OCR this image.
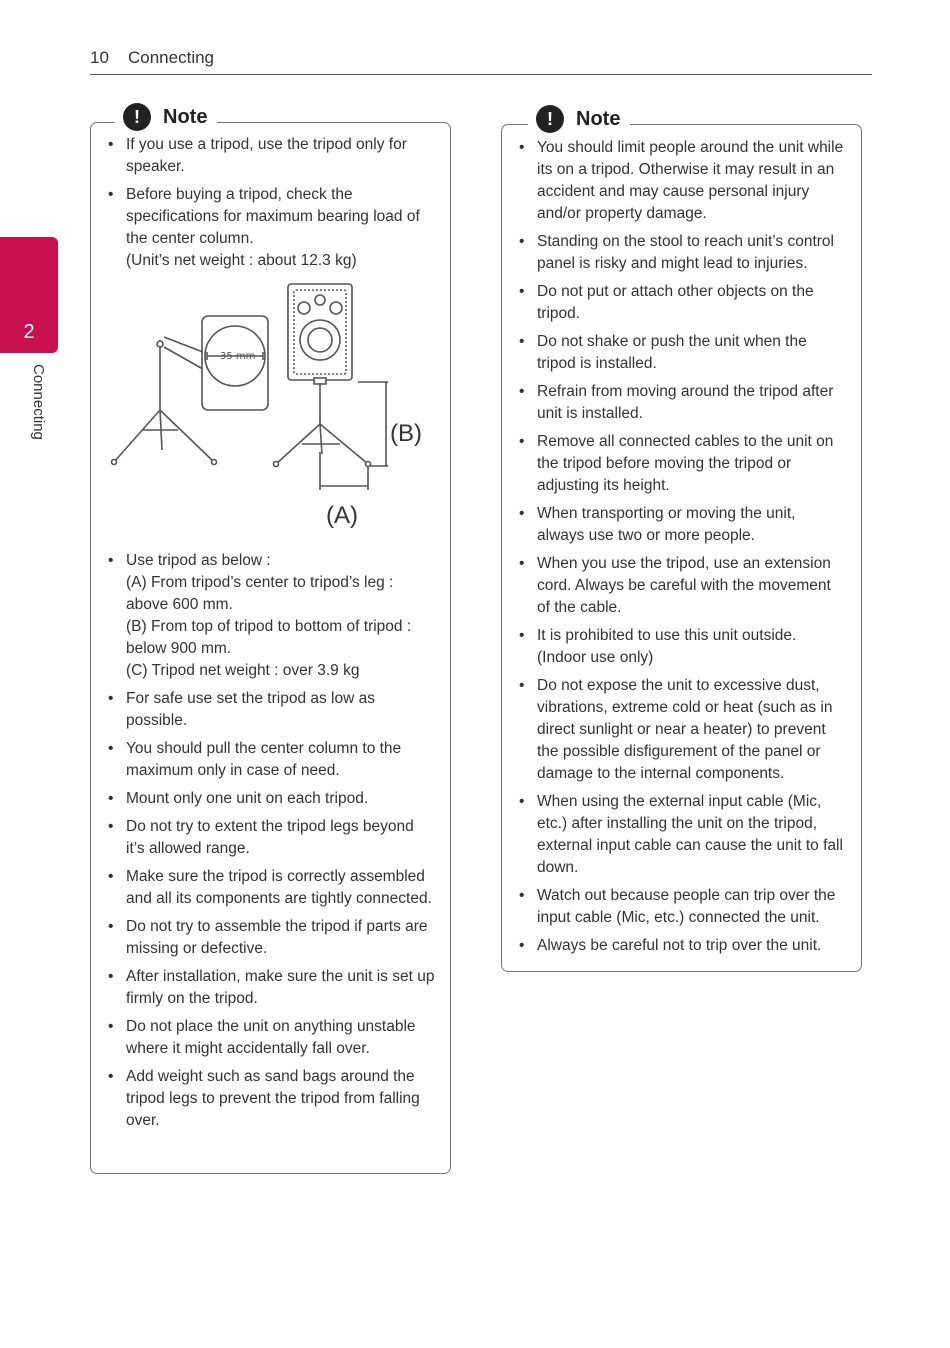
10 Connecting
2
Connecting
!	Note
• If you use a tripod, use the tripod only for speaker.
• Before buying a tripod, check the specifications for maximum bearing load of the center column.
(Unit’s net weight : about 12.3 kg)
35 mm
(B)
(A)
• Use tripod as below :
(A) From tripod’s center to tripod’s leg : above 600 mm.
(B) From top of tripod to bottom of tripod : below 900 mm.
(C) Tripod net weight : over 3.9 kg
• For safe use set the tripod as low as possible.
• You should pull the center column to the maximum only in case of need.
• Mount only one unit on each tripod.
• Do not try to extent the tripod legs beyond it’s allowed range.
• Make sure the tripod is correctly assembled and all its components are tightly connected.
• Do not try to assemble the tripod if parts are missing or defective.
• After installation, make sure the unit is set up firmly on the tripod.
• Do not place the unit on anything unstable where it might accidentally fall over.
• Add weight such as sand bags around the tripod legs to prevent the tripod from falling over.
!	Note
• You should limit people around the unit while its on a tripod. Otherwise it may result in an accident and may cause personal injury and/or property damage.
• Standing on the stool to reach unit’s control panel is risky and might lead to injuries.
• Do not put or attach other objects on the tripod.
• Do not shake or push the unit when the tripod is installed.
• Refrain from moving around the tripod after unit is installed.
• Remove all connected cables to the unit on the tripod before moving the tripod or adjusting its height.
• When transporting or moving the unit, always use two or more people.
• When you use the tripod, use an extension cord. Always be careful with the movement of the cable.
• It is prohibited to use this unit outside. (Indoor use only)
• Do not expose the unit to excessive dust, vibrations, extreme cold or heat (such as in direct sunlight or near a heater) to prevent the possible disfigurement of the panel or damage to the internal components.
• When using the external input cable (Mic, etc.) after installing the unit on the tripod, external input cable can cause the unit to fall down.
• Watch out because people can trip over the input cable (Mic, etc.) connected the unit.
• Always be careful not to trip over the unit.
